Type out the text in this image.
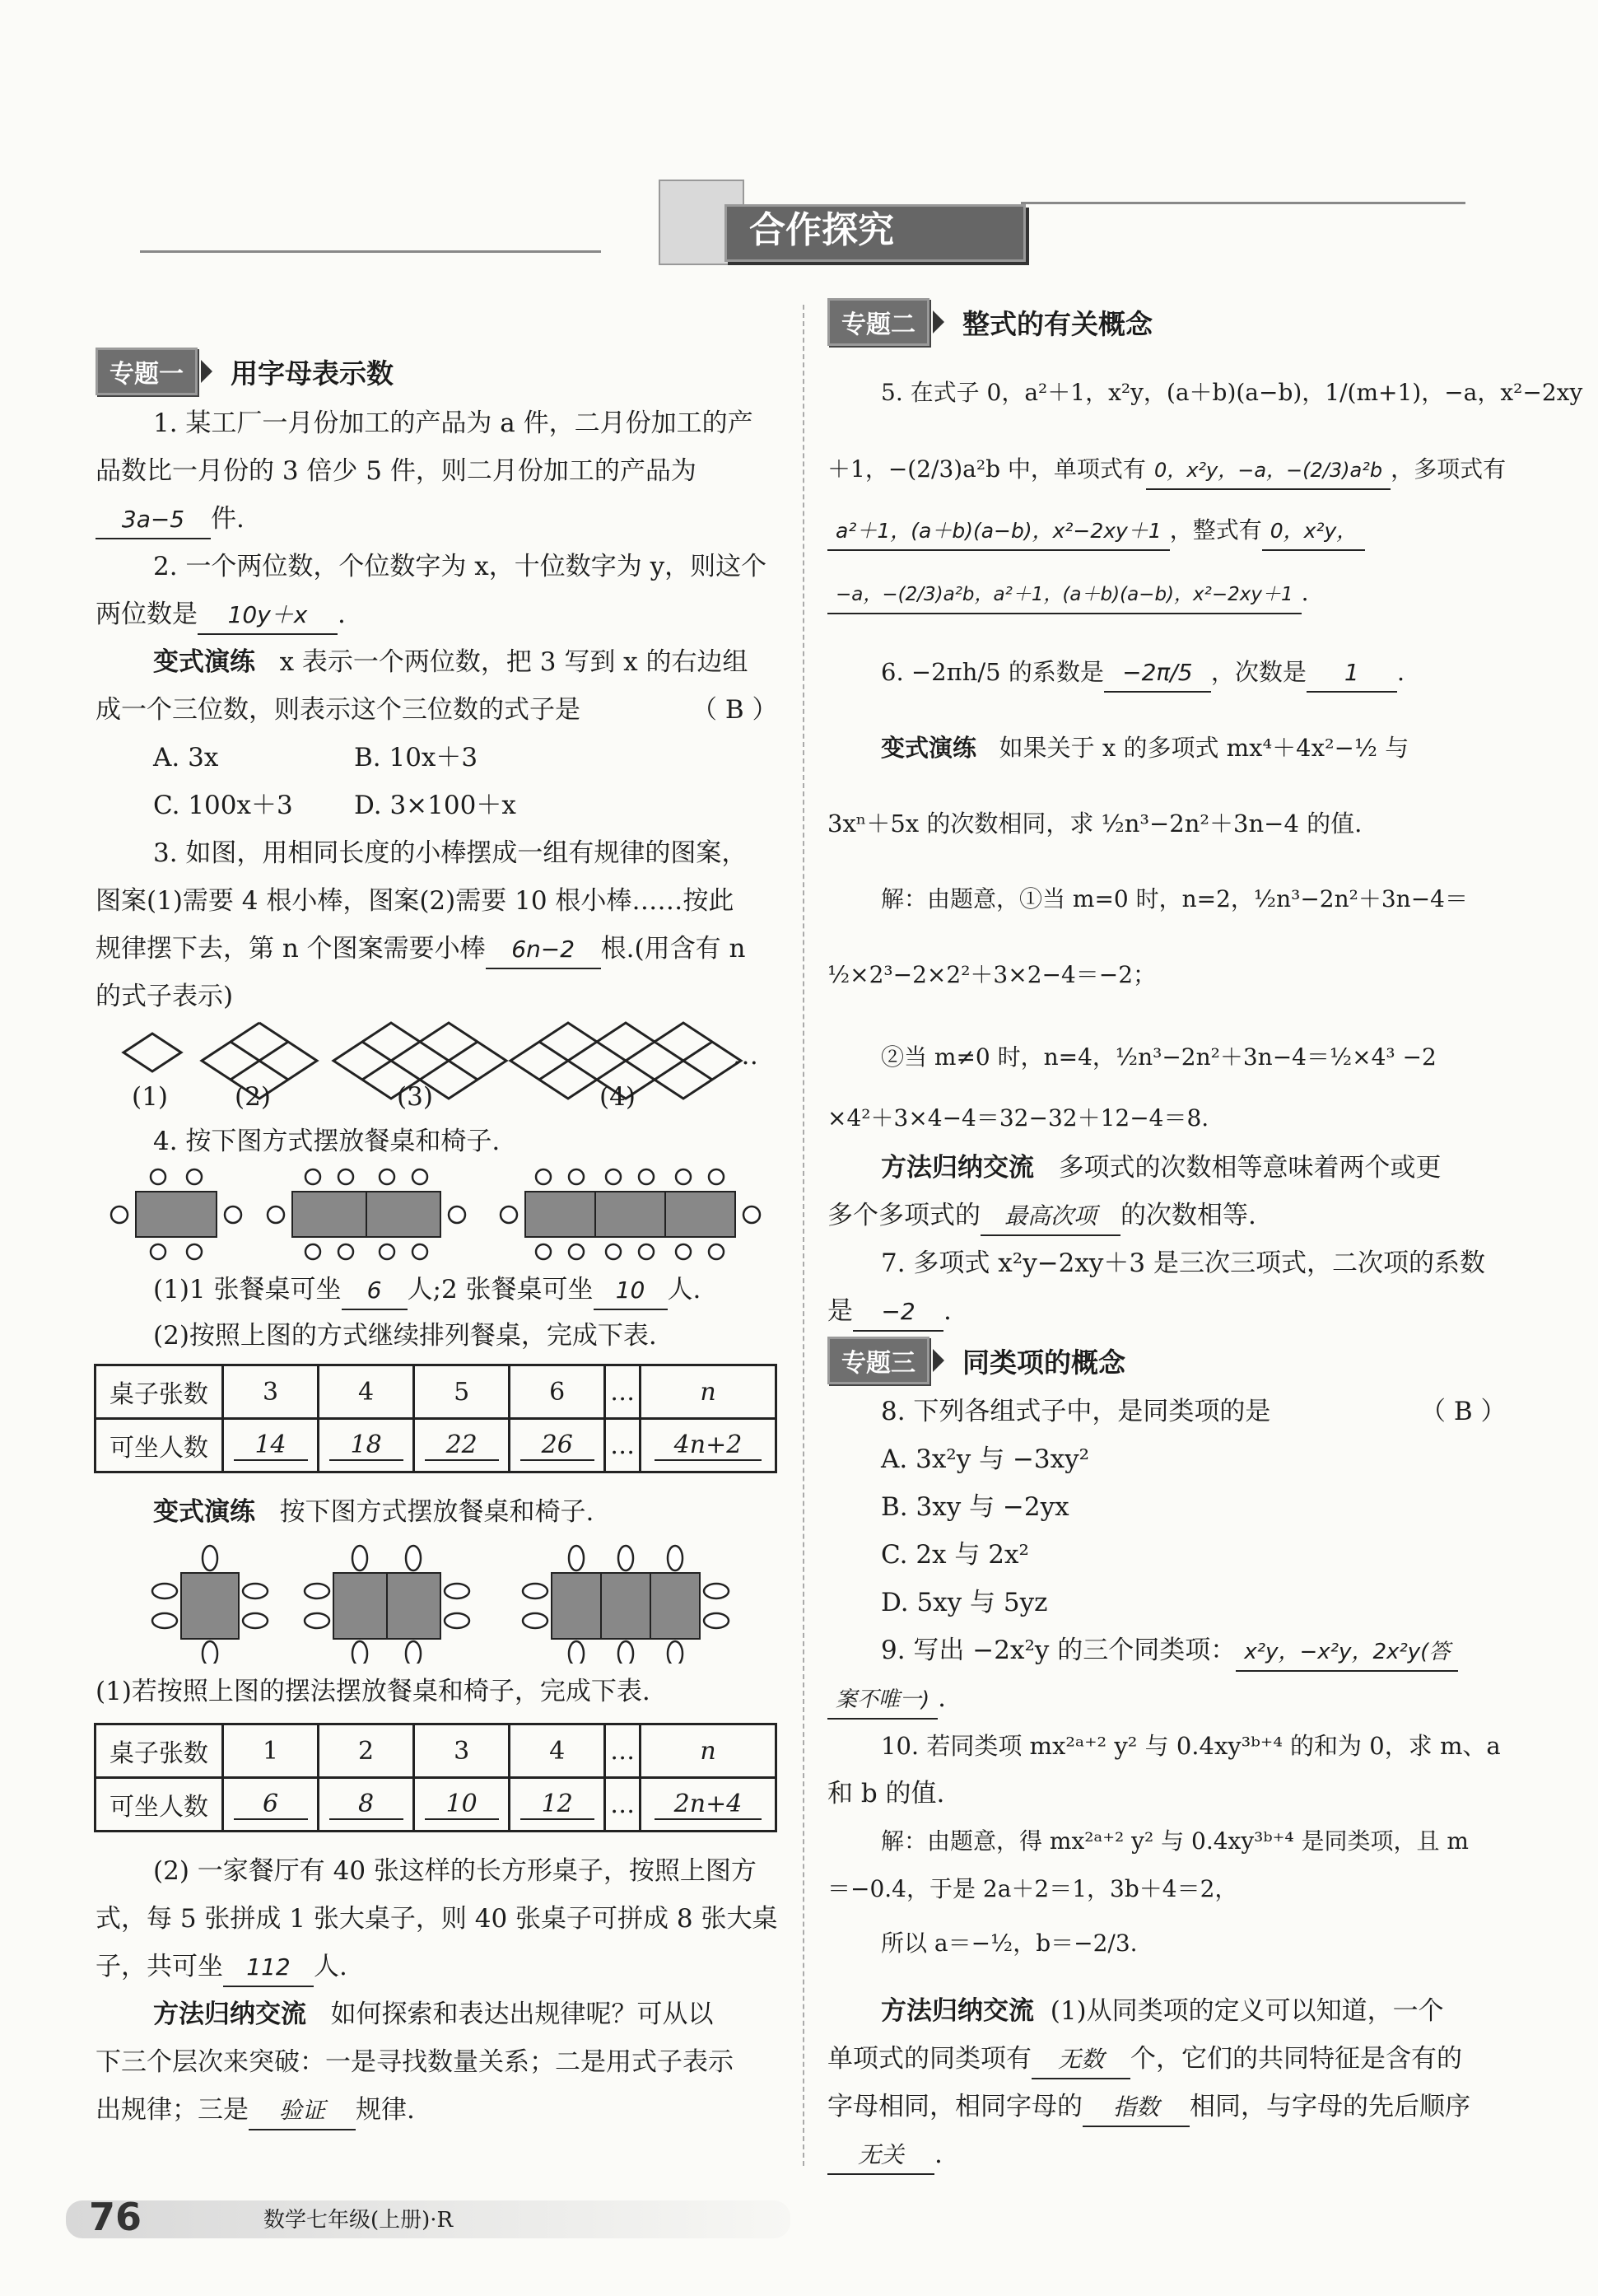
合作探究
专题一	用字母表示数
1. 某工厂一月份加工的产品为 a 件，二月份加工的产
品数比一月份的 3 倍少 5 件，则二月份加工的产品为
3a−5 件.
2. 一个两位数，个位数字为 x，十位数字为 y，则这个
两位数是 10y＋x .
变式演练 x 表示一个两位数，把 3 写到 x 的右边组
成一个三位数，则表示这个三位数的式子是	（ B ）
A. 3x	B. 10x＋3
C. 100x＋3 D. 3×100＋x
3. 如图，用相同长度的小棒摆成一组有规律的图案，
图案(1)需要 4 根小棒，图案(2)需要 10 根小棒……按此
规律摆下去，第 n 个图案需要小棒 6n−2 根.(用含有 n
的式子表示)
(1)	(2)	(3)	(4)
…
4. 按下图方式摆放餐桌和椅子.
(1)1 张餐桌可坐 6 人;2 张餐桌可坐 10 人.
(2)按照上图的方式继续排列餐桌，完成下表.
桌子张数	3	4	5	6	…	n
可坐人数	14	18	22	26	…	4n+2
变式演练 按下图方式摆放餐桌和椅子.
(1)若按照上图的摆法摆放餐桌和椅子，完成下表.
桌子张数	1	2	3	4	…	n
可坐人数	6	8	10	12	…	2n+4
(2) 一家餐厅有 40 张这样的长方形桌子，按照上图方
式，每 5 张拼成 1 张大桌子，则 40 张桌子可拼成 8 张大桌
子，共可坐 112 人.
方法归纳交流 如何探索和表达出规律呢？可从以
下三个层次来突破：一是寻找数量关系；二是用式子表示
出规律；三是 验证 规律.
专题二	整式的有关概念
5. 在式子 0，a²＋1，x²y，(a＋b)(a−b)，1/(m+1)，−a，x²−2xy
＋1，−(2/3)a²b 中，单项式有 0，x²y，−a，−(2/3)a²b ，多项式有
a²＋1，(a＋b)(a−b)，x²−2xy＋1 ，整式有 0，x²y，
−a，−(2/3)a²b，a²＋1，(a＋b)(a−b)，x²−2xy＋1 .
6. −2πh/5 的系数是 −2π/5 ，次数是 1 .
变式演练 如果关于 x 的多项式 mx⁴＋4x²−½ 与
3xⁿ＋5x 的次数相同，求 ½n³−2n²＋3n−4 的值.
解：由题意，①当 m=0 时，n=2，½n³−2n²＋3n−4＝
½×2³−2×2²＋3×2−4＝−2；
②当 m≠0 时，n=4，½n³−2n²＋3n−4＝½×4³ −2
×4²＋3×4−4＝32−32＋12−4＝8.
方法归纳交流 多项式的次数相等意味着两个或更
多个多项式的 最高次项 的次数相等.
7. 多项式 x²y−2xy＋3 是三次三项式，二次项的系数
是 −2 .
专题三	同类项的概念
8. 下列各组式子中，是同类项的是	（ B ）
A. 3x²y 与 −3xy²
B. 3xy 与 −2yx
C. 2x 与 2x²
D. 5xy 与 5yz
9. 写出 −2x²y 的三个同类项： x²y，−x²y，2x²y(答
案不唯一) .
10. 若同类项 mx²ᵃ⁺² y² 与 0.4xy³ᵇ⁺⁴ 的和为 0，求 m、a
和 b 的值.
解：由题意，得 mx²ᵃ⁺² y² 与 0.4xy³ᵇ⁺⁴ 是同类项，且 m
＝−0.4，于是 2a＋2＝1，3b＋4＝2，
所以 a＝−½，b＝−2/3.
方法归纳交流 (1)从同类项的定义可以知道，一个
单项式的同类项有 无数 个，它们的共同特征是含有的
字母相同，相同字母的 指数 相同，与字母的先后顺序
无关 .
76	数学七年级(上册)·R
